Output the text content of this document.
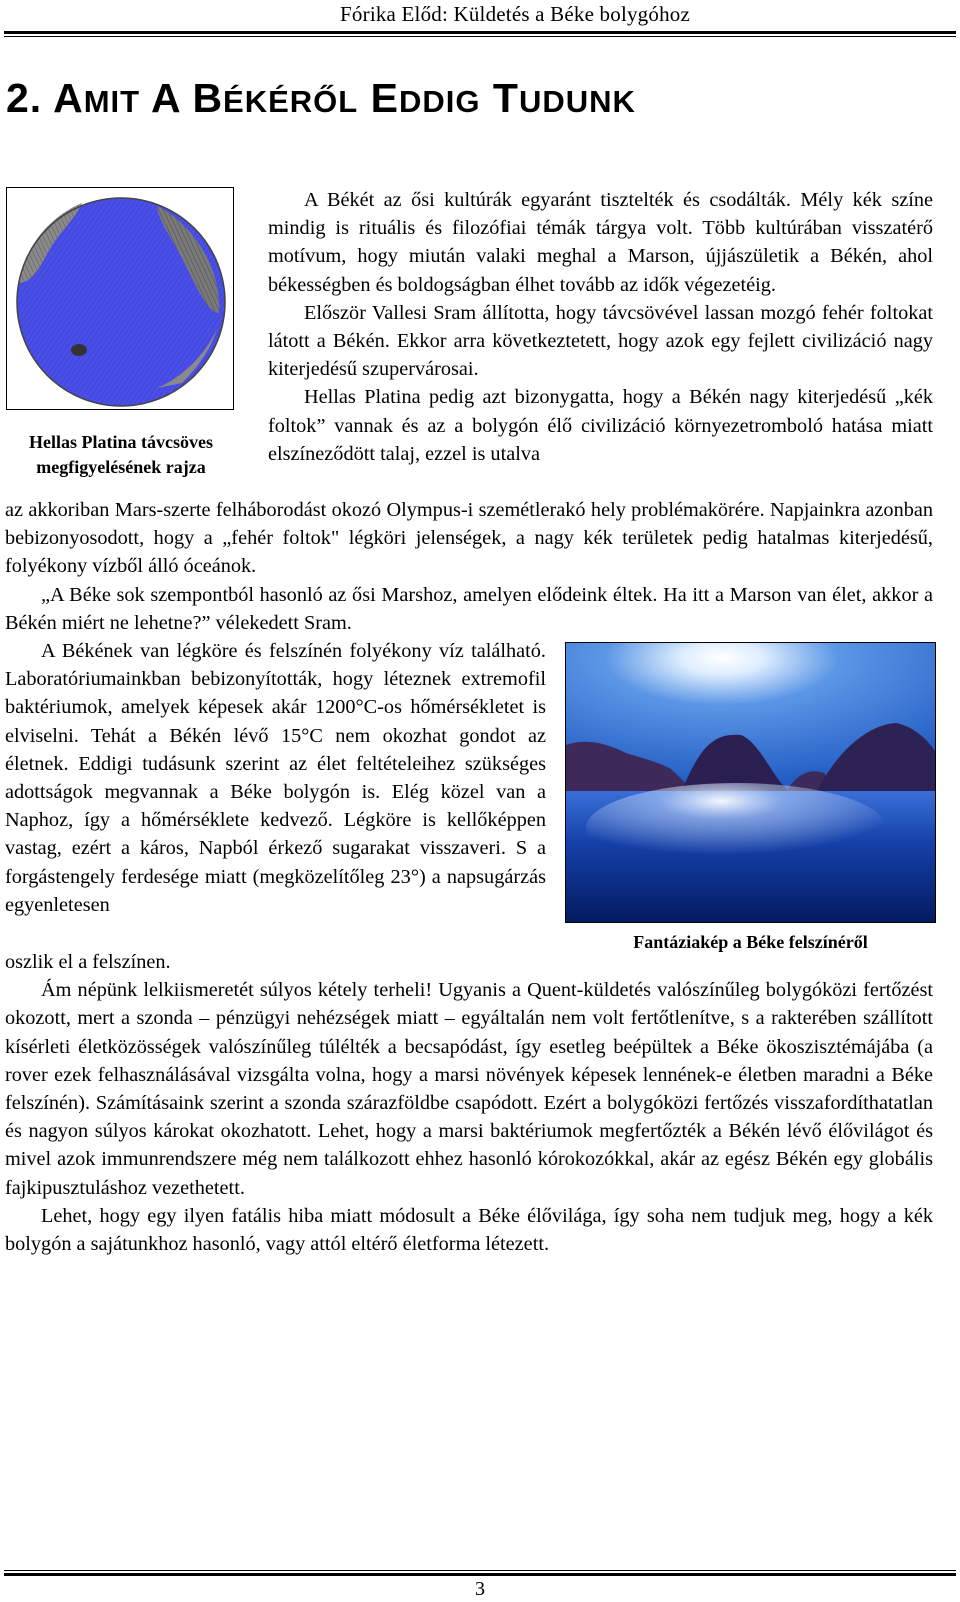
Fórika Előd: Küldetés a Béke bolygóhoz
2. AMIT A BÉKÉRŐL EDDIG TUDUNK
Hellas Platina távcsöves
megfigyelésének rajza

A Békét az ősi kultúrák egyaránt tisztelték és csodálták. Mély kék színe mindig is rituális és filozófiai témák tárgya volt. Több kultúrában visszatérő motívum, hogy miután valaki meghal a Marson, újjászületik a Békén, ahol békességben és boldogságban élhet tovább az idők végezetéig.

Először Vallesi Sram állította, hogy távcsövével lassan mozgó fehér foltokat látott a Békén. Ekkor arra következtetett, hogy azok egy fejlett civilizáció nagy kiterjedésű szupervárosai.

Hellas Platina pedig azt bizonygatta, hogy a Békén nagy kiterjedésű „kék foltok” vannak és az a bolygón élő civilizáció környezetromboló hatása miatt elszíneződött talaj, ezzel is utalva

az akkoriban Mars-szerte felháborodást okozó Olympus-i szemétlerakó hely problémakörére. Napjainkra azonban bebizonyosodott, hogy a „fehér foltok" légköri jelenségek, a nagy kék területek pedig hatalmas kiterjedésű, folyékony vízből álló óceánok.

„A Béke sok szempontból hasonló az ősi Marshoz, amelyen elődeink éltek. Ha itt a Marson van élet, akkor a Békén miért ne lehetne?” vélekedett Sram.

Fantáziakép a Béke felszínéről

A Békének van légköre és felszínén folyékony víz található. Laboratóriumainkban bebizonyították, hogy léteznek extremofil baktériumok, amelyek képesek akár 1200°C-os hőmérsékletet is elviselni. Tehát a Békén lévő 15°C nem okozhat gondot az életnek. Eddigi tudásunk szerint az élet feltételeihez szükséges adottságok megvannak a Béke bolygón is. Elég közel van a Naphoz, így a hőmérséklete kedvező. Légköre is kellőképpen vastag, ezért a káros, Napból érkező sugarakat visszaveri. S a forgástengely ferdesége miatt (megközelítőleg 23°) a napsugárzás egyenletesen

oszlik el a felszínen.

Ám népünk lelkiismeretét súlyos kétely terheli! Ugyanis a Quent-küldetés valószínűleg bolygóközi fertőzést okozott, mert a szonda – pénzügyi nehézségek miatt – egyáltalán nem volt fertőtlenítve, s a rakterében szállított kísérleti életközösségek valószínűleg túlélték a becsapódást, így esetleg beépültek a Béke ökoszisztémájába (a rover ezek felhasználásával vizsgálta volna, hogy a marsi növények képesek lennének-e életben maradni a Béke felszínén). Számításaink szerint a szonda szárazföldbe csapódott. Ezért a bolygóközi fertőzés visszafordíthatatlan és nagyon súlyos károkat okozhatott. Lehet, hogy a marsi baktériumok megfertőzték a Békén lévő élővilágot és mivel azok immunrendszere még nem találkozott ehhez hasonló kórokozókkal, akár az egész Békén egy globális fajkipusztuláshoz vezethetett.

Lehet, hogy egy ilyen fatális hiba miatt módosult a Béke élővilága, így soha nem tudjuk meg, hogy a kék bolygón a sajátunkhoz hasonló, vagy attól eltérő életforma létezett.

3
